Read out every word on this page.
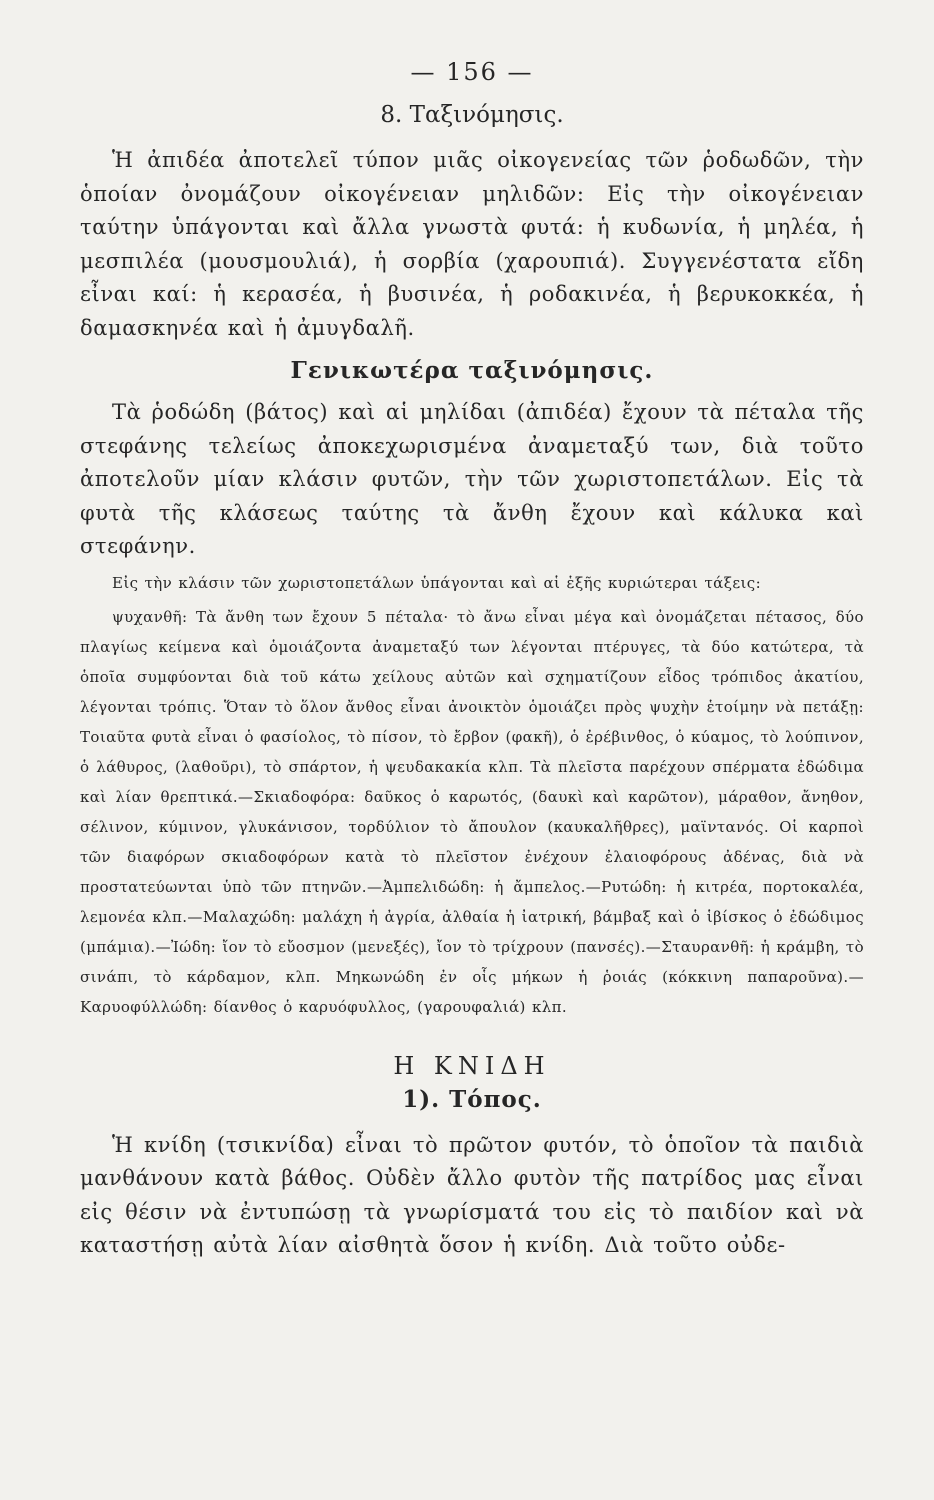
— 156 —
8. Ταξινόμησις.

Ἡ ἀπιδέα ἀποτελεῖ τύπον μιᾶς οἰκογενείας τῶν ῥοδωδῶν, τὴν ὁποίαν ὀνομάζουν οἰκογένειαν μηλιδῶν: Εἰς τὴν οἰκογένειαν ταύτην ὑπάγονται καὶ ἄλλα γνωστὰ φυτά: ἡ κυδωνία, ἡ μηλέα, ἡ μεσπιλέα (μουσμουλιά), ἡ σορβία (χαρουπιά). Συγγενέστατα εἴδη εἶναι καί: ἡ κερασέα, ἡ βυσινέα, ἡ ροδακινέα, ἡ βερυκοκκέα, ἡ δαμασκηνέα καὶ ἡ ἀμυγδαλῆ.

Γενικωτέρα ταξινόμησις.

Τὰ ῥοδώδη (βάτος) καὶ αἱ μηλίδαι (ἀπιδέα) ἔχουν τὰ πέταλα τῆς στεφάνης τελείως ἀποκεχωρισμένα ἀναμεταξύ των, διὰ τοῦτο ἀποτελοῦν μίαν κλάσιν φυτῶν, τὴν τῶν χωριστοπετάλων. Εἰς τὰ φυτὰ τῆς κλάσεως ταύτης τὰ ἄνθη ἔχουν καὶ κάλυκα καὶ στεφάνην.

Εἰς τὴν κλάσιν τῶν χωριστοπετάλων ὑπάγονται καὶ αἱ ἑξῆς κυριώτεραι τάξεις:

ψυχανθῆ: Τὰ ἄνθη των ἔχουν 5 πέταλα· τὸ ἄνω εἶναι μέγα καὶ ὀνομάζεται πέτασος, δύο πλαγίως κείμενα καὶ ὁμοιάζοντα ἀναμεταξύ των λέγονται πτέρυγες, τὰ δύο κατώτερα, τὰ ὁποῖα συμφύονται διὰ τοῦ κάτω χείλους αὐτῶν καὶ σχηματίζουν εἶδος τρόπιδος ἀκατίου, λέγονται τρόπις. Ὅταν τὸ ὅλον ἄνθος εἶναι ἀνοικτὸν ὁμοιάζει πρὸς ψυχὴν ἑτοίμην νὰ πετάξῃ: Τοιαῦτα φυτὰ εἶναι ὁ φασίολος, τὸ πίσον, τὸ ἔρβον (φακῆ), ὁ ἐρέβινθος, ὁ κύαμος, τὸ λούπινον, ὁ λάθυρος, (λαθοῦρι), τὸ σπάρτον, ἡ ψευδακακία κλπ. Τὰ πλεῖστα παρέχουν σπέρματα ἐδώδιμα καὶ λίαν θρεπτικά.—Σκιαδοφόρα: δαῦκος ὁ καρωτός, (δαυκὶ καὶ καρῶτον), μάραθον, ἄνηθον, σέλινον, κύμινον, γλυκάνισον, τορδύλιον τὸ ἄπουλον (καυκαλῆθρες), μαϊντανός. Οἱ καρποὶ τῶν διαφόρων σκιαδοφόρων κατὰ τὸ πλεῖστον ἐνέχουν ἐλαιοφόρους ἀδένας, διὰ νὰ προστατεύωνται ὑπὸ τῶν πτηνῶν.—Ἀμπελιδώδη: ἡ ἄμπελος.—Ρυτώδη: ἡ κιτρέα, πορτοκαλέα, λεμονέα κλπ.—Μαλαχώδη: μαλάχη ἡ ἀγρία, ἀλθαία ἡ ἰατρική, βάμβαξ καὶ ὁ ἱβίσκος ὁ ἐδώδιμος (μπάμια).—Ἰώδη: ἴον τὸ εὔοσμον (μενεξές), ἴον τὸ τρίχρουν (πανσές).—Σταυρανθῆ: ἡ κράμβη, τὸ σινάπι, τὸ κάρδαμον, κλπ. Μηκωνώδη ἐν οἷς μήκων ἡ ῥοιάς (κόκκινη παπαροῦνα).—Καρυοφύλλώδη: δίανθος ὁ καρυόφυλλος, (γαρουφαλιά) κλπ.

Η ΚΝΙΔΗ
1). Τόπος.

Ἡ κνίδη (τσικνίδα) εἶναι τὸ πρῶτον φυτόν, τὸ ὁποῖον τὰ παιδιὰ μανθάνουν κατὰ βάθος. Οὐδὲν ἄλλο φυτὸν τῆς πατρίδος μας εἶναι εἰς θέσιν νὰ ἐντυπώσῃ τὰ γνωρίσματά του εἰς τὸ παιδίον καὶ νὰ καταστήσῃ αὐτὰ λίαν αἰσθητὰ ὅσον ἡ κνίδη. Διὰ τοῦτο οὐδε-
